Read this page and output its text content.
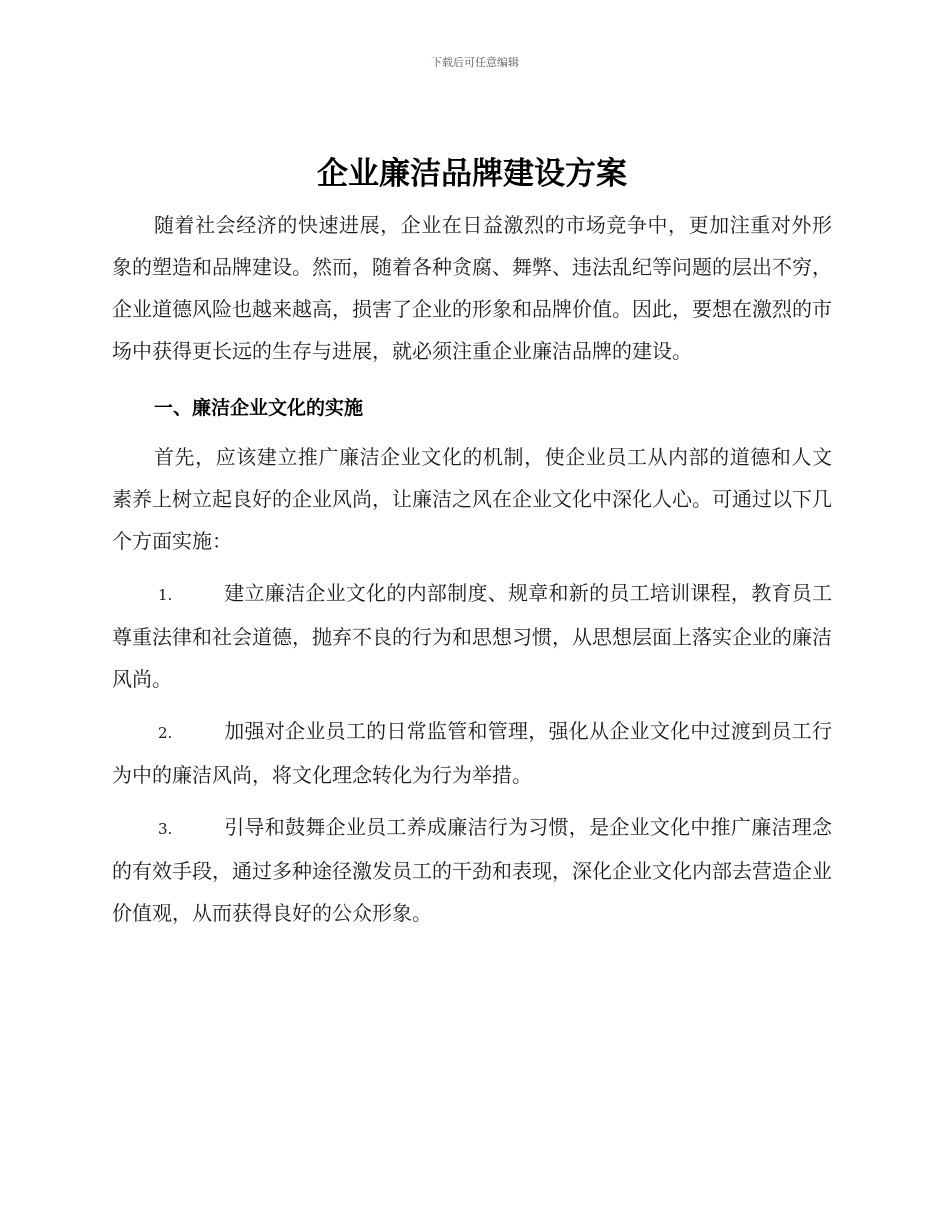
下载后可任意编辑
企业廉洁品牌建设方案

随着社会经济的快速进展，企业在日益激烈的市场竞争中，更加注重对外形象的塑造和品牌建设。然而，随着各种贪腐、舞弊、违法乱纪等问题的层出不穷，企业道德风险也越来越高，损害了企业的形象和品牌价值。因此，要想在激烈的市场中获得更长远的生存与进展，就必须注重企业廉洁品牌的建设。

一、廉洁企业文化的实施

首先，应该建立推广廉洁企业文化的机制，使企业员工从内部的道德和人文素养上树立起良好的企业风尚，让廉洁之风在企业文化中深化人心。可通过以下几个方面实施：

1.	建立廉洁企业文化的内部制度、规章和新的员工培训课程，教育员工尊重法律和社会道德，抛弃不良的行为和思想习惯，从思想层面上落实企业的廉洁风尚。

2.	加强对企业员工的日常监管和管理，强化从企业文化中过渡到员工行为中的廉洁风尚，将文化理念转化为行为举措。

3.	引导和鼓舞企业员工养成廉洁行为习惯，是企业文化中推广廉洁理念的有效手段，通过多种途径激发员工的干劲和表现，深化企业文化内部去营造企业价值观，从而获得良好的公众形象。
